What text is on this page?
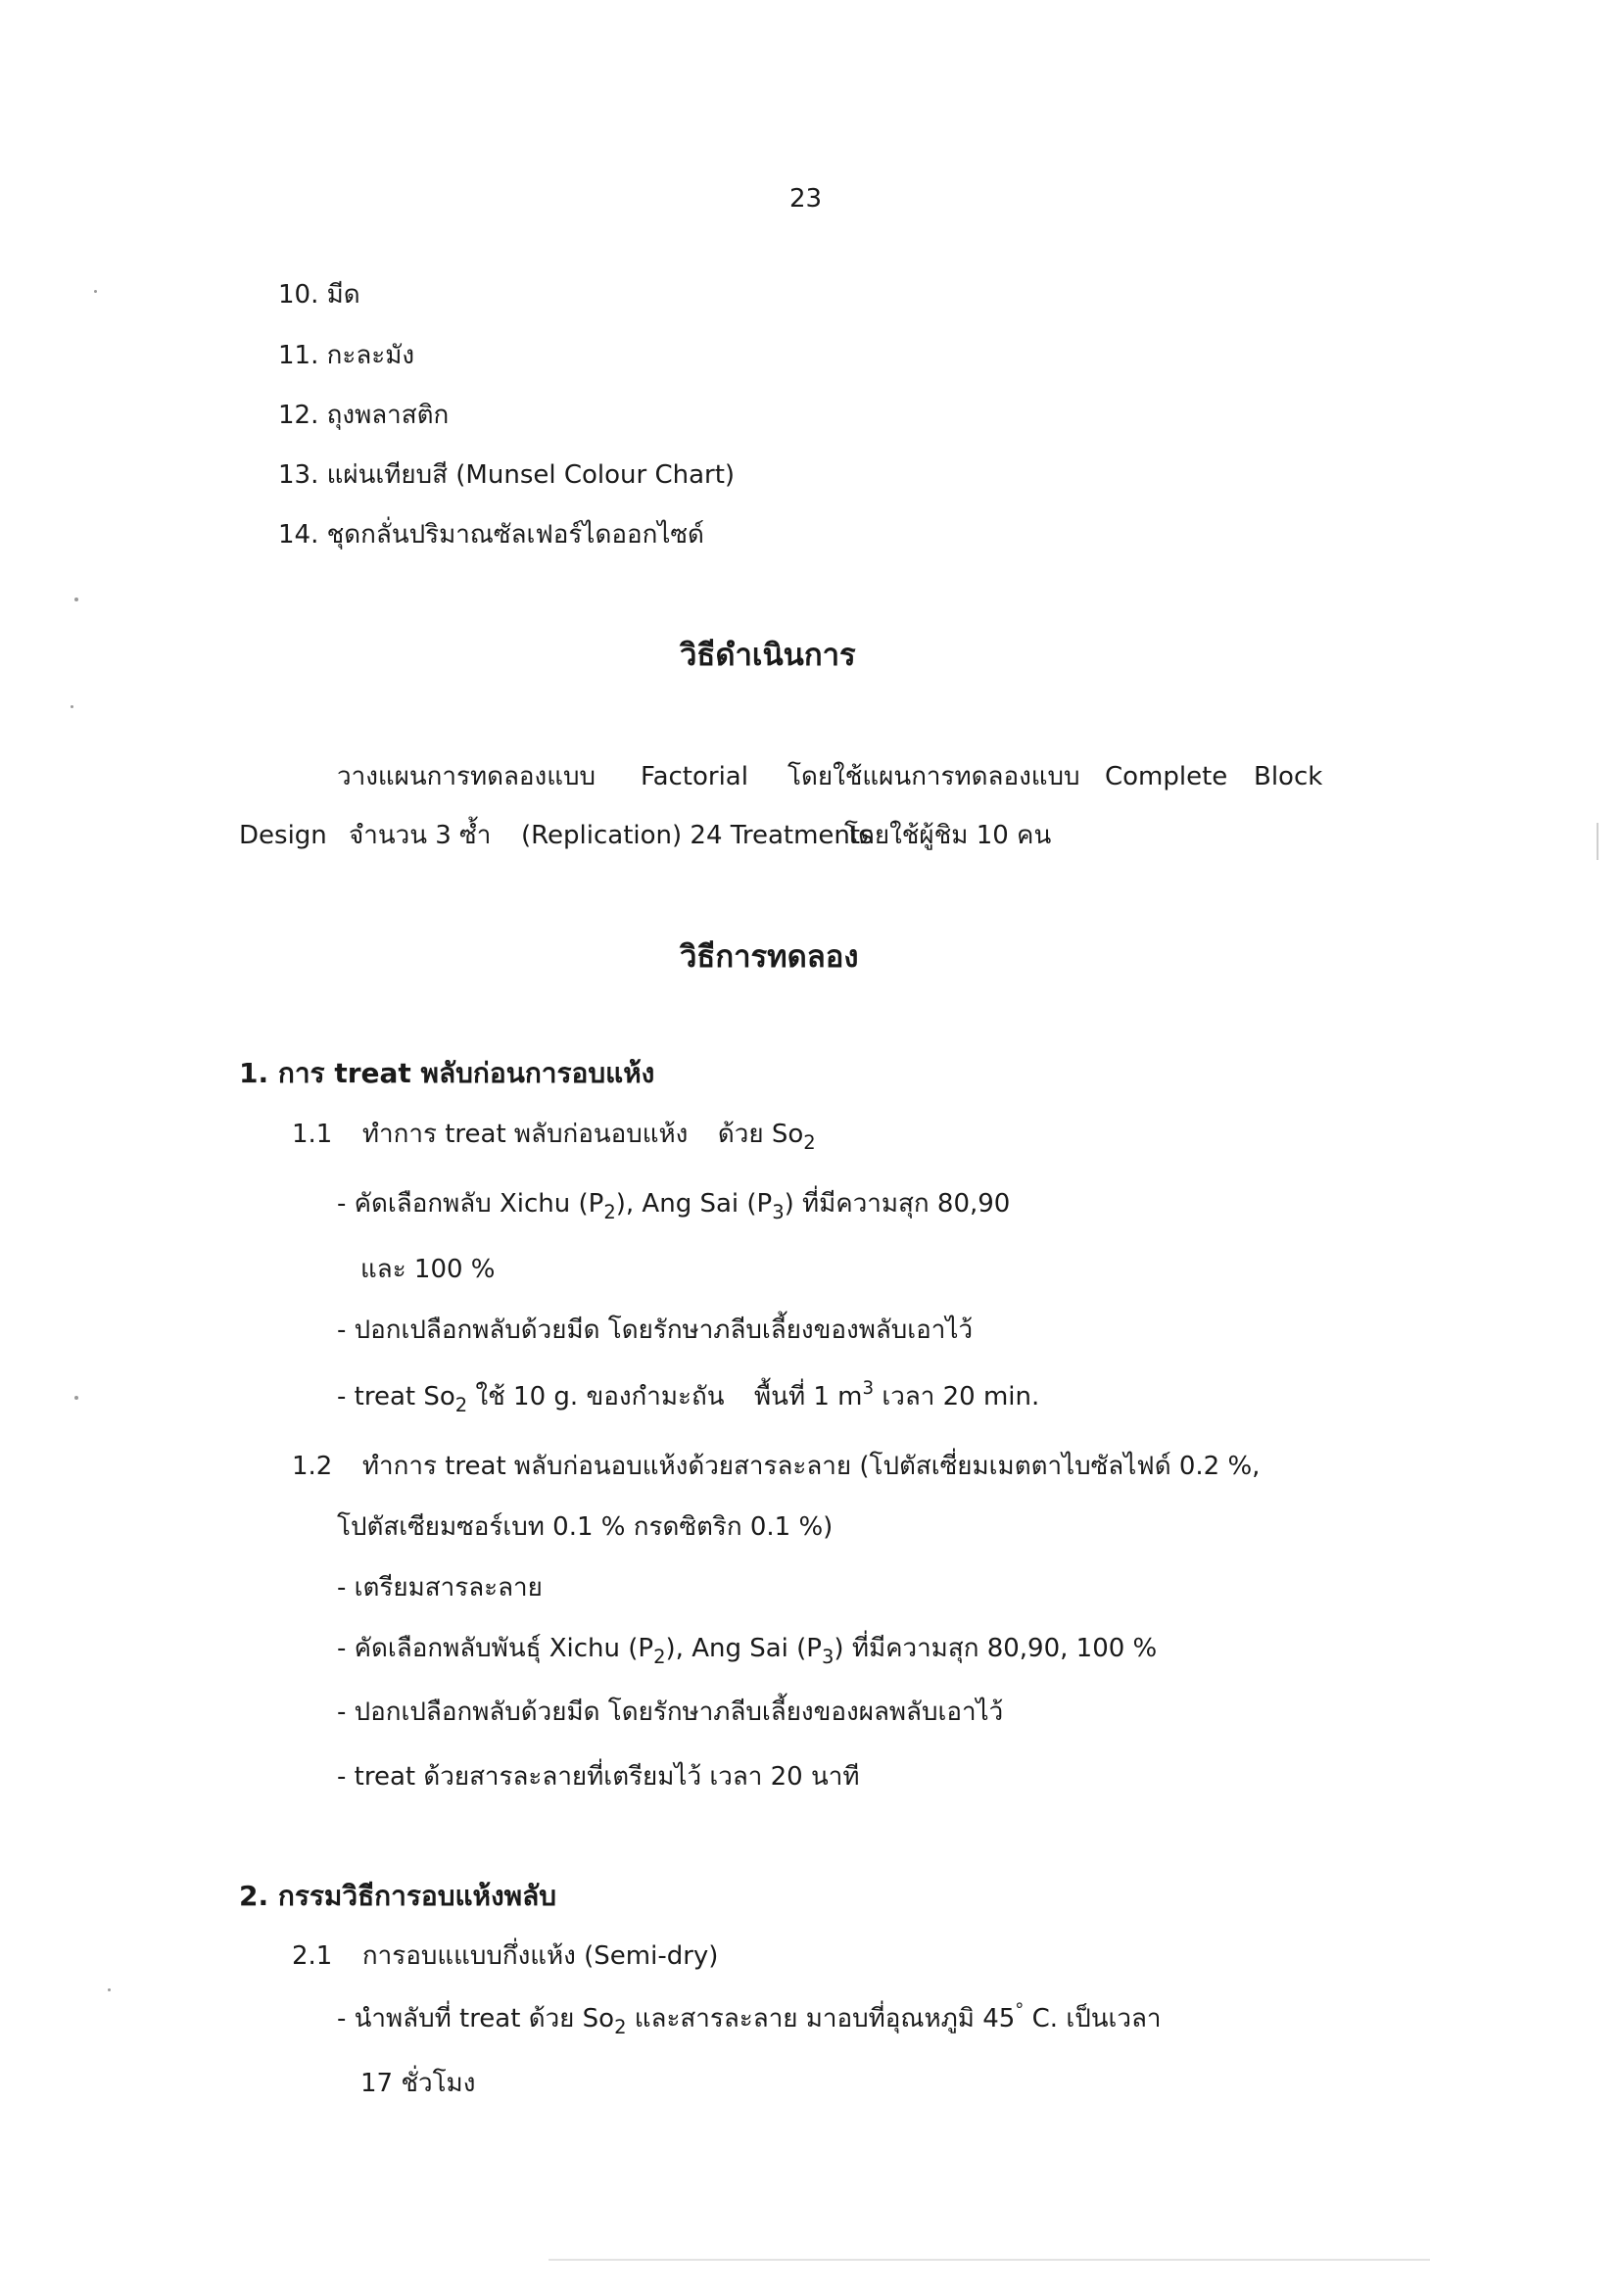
23
10. มีด
11. กะละมัง
12. ถุงพลาสติก
13. แผ่นเทียบสี (Munsel Colour Chart)
14. ชุดกลั่นปริมาณซัลเฟอร์ไดออกไซด์
วิธีดำเนินการ
วางแผนการทดลองแบบ Factorial โดยใช้แผนการทดลองแบบ Complete Block
Design จำนวน 3 ซ้ำ (Replication) 24 Treatments
โดยใช้ผู้ชิม 10 คน
วิธีการทดลอง
1. การ treat พลับก่อนการอบแห้ง
1.1 ทำการ treat พลับก่อนอบแห้ง ด้วย $So_2$
- คัดเลือกพลับ Xichu $(P_2)$, Ang Sai $(P_3)$ ที่มีความสุก 80,90
และ 100 %
- ปอกเปลือกพลับด้วยมีด โดยรักษาภลีบเลี้ยงของพลับเอาไว้
- treat $So_2$ ใช้ 10 g. ของกำมะถัน พื้นที่ 1 $m^3$ เวลา 20 min.
1.2 ทำการ treat พลับก่อนอบแห้งด้วยสารละลาย (โปตัสเซี่ยมเมตตาไบซัลไฟด์ 0.2 %,
โปตัสเซียมซอร์เบท 0.1 % กรดซิตริก 0.1 %)
- เตรียมสารละลาย
- คัดเลือกพลับพันธุ์ Xichu $(P_2)$, Ang Sai $(P_3)$ ที่มีความสุก 80,90, 100 %
- ปอกเปลือกพลับด้วยมีด โดยรักษาภลีบเลี้ยงของผลพลับเอาไว้
- treat ด้วยสารละลายที่เตรียมไว้ เวลา 20 นาที
2. กรรมวิธีการอบแห้งพลับ
2.1 การอบแแบบกึ่งแห้ง (Semi-dry)
- นำพลับที่ treat ด้วย $So_2$ และสารละลาย มาอบที่อุณหภูมิ 45° C. เป็นเวลา
17 ชั่วโมง
